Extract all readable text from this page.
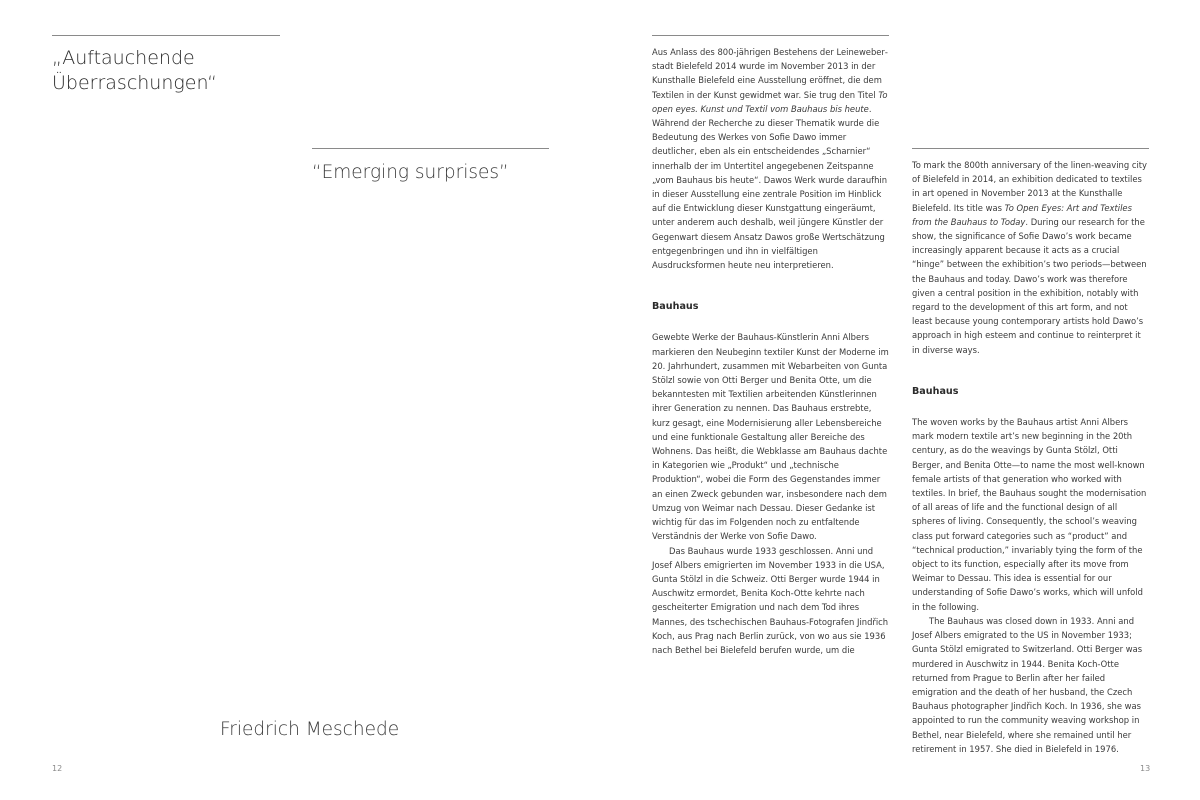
„Auftauchende
Überraschungen“
“Emerging surprises”
Friedrich Meschede
12

Aus Anlass des 800-jährigen Bestehens der Leineweberstadt Bielefeld 2014 wurde im November 2013 in der Kunsthalle Bielefeld eine Ausstellung eröffnet, die dem Textilen in der Kunst gewidmet war. Sie trug den Titel To open eyes. Kunst und Textil vom Bauhaus bis heute. Während der Recherche zu dieser Thematik wurde die Bedeutung des Werkes von Sofie Dawo immer deutlicher, eben als ein entscheidendes „Scharnier“ innerhalb der im Untertitel angegebenen Zeitspanne „vom Bauhaus bis heute“. Dawos Werk wurde daraufhin in dieser Ausstellung eine zentrale Position im Hinblick auf die Entwicklung dieser Kunstgattung eingeräumt, unter anderem auch deshalb, weil jüngere Künstler der Gegenwart diesem Ansatz Dawos große Wertschätzung entgegenbringen und ihn in vielfältigen Ausdrucksformen heute neu interpretieren.

Bauhaus

Gewebte Werke der Bauhaus-Künstlerin Anni Albers markieren den Neubeginn textiler Kunst der Moderne im 20. Jahrhundert, zusammen mit Webarbeiten von Gunta Stölzl sowie von Otti Berger und Benita Otte, um die bekanntesten mit Textilien arbeitenden Künstlerinnen ihrer Generation zu nennen. Das Bauhaus erstrebte, kurz gesagt, eine Modernisierung aller Lebensbereiche und eine funktionale Gestaltung aller Bereiche des Wohnens. Das heißt, die Webklasse am Bauhaus dachte in Kategorien wie „Produkt“ und „technische Produktion“, wobei die Form des Gegenstandes immer an einen Zweck gebunden war, insbesondere nach dem Umzug von Weimar nach Dessau. Dieser Gedanke ist wichtig für das im Folgenden noch zu entfaltende Verständnis der Werke von Sofie Dawo.

Das Bauhaus wurde 1933 geschlossen. Anni und Josef Albers emigrierten im November 1933 in die USA, Gunta Stölzl in die Schweiz. Otti Berger wurde 1944 in Auschwitz ermordet, Benita Koch-Otte kehrte nach gescheiterter Emigration und nach dem Tod ihres Mannes, des tschechischen Bauhaus-Fotografen Jindřich Koch, aus Prag nach Berlin zurück, von wo aus sie 1936 nach Bethel bei Bielefeld berufen wurde, um die

To mark the 800th anniversary of the linen-weaving city of Bielefeld in 2014, an exhibition dedicated to textiles in art opened in November 2013 at the Kunsthalle Bielefeld. Its title was To Open Eyes: Art and Textiles from the Bauhaus to Today. During our research for the show, the significance of Sofie Dawo’s work became increasingly apparent because it acts as a crucial “hinge” between the exhibition’s two periods—between the Bauhaus and today. Dawo’s work was therefore given a central position in the exhibition, notably with regard to the development of this art form, and not least because young contemporary artists hold Dawo’s approach in high esteem and continue to reinterpret it in diverse ways.

Bauhaus

The woven works by the Bauhaus artist Anni Albers mark modern textile art’s new beginning in the 20th century, as do the weavings by Gunta Stölzl, Otti Berger, and Benita Otte—to name the most well-known female artists of that generation who worked with textiles. In brief, the Bauhaus sought the modernisation of all areas of life and the functional design of all spheres of living. Consequently, the school’s weaving class put forward categories such as “product” and “technical production,” invariably tying the form of the object to its function, especially after its move from Weimar to Dessau. This idea is essential for our understanding of Sofie Dawo’s works, which will unfold in the following.

The Bauhaus was closed down in 1933. Anni and Josef Albers emigrated to the US in November 1933; Gunta Stölzl emigrated to Switzerland. Otti Berger was murdered in Auschwitz in 1944. Benita Koch-Otte returned from Prague to Berlin after her failed emigration and the death of her husband, the Czech Bauhaus photographer Jindřich Koch. In 1936, she was appointed to run the community weaving workshop in Bethel, near Bielefeld, where she remained until her retirement in 1957. She died in Bielefeld in 1976.

13
